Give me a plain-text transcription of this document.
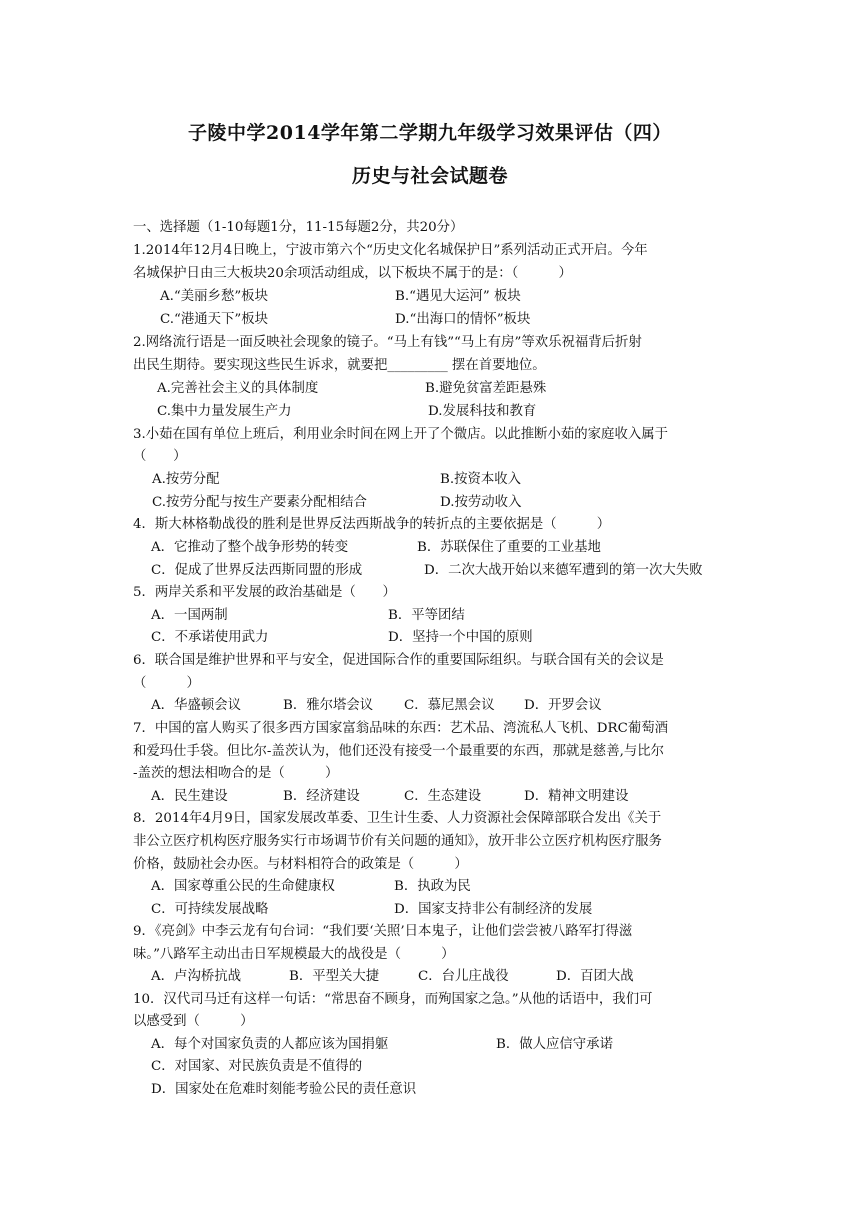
子陵中学2014学年第二学期九年级学习效果评估（四）
历史与社会试题卷
一、选择题（1-10每题1分，11-15每题2分，共20分）
1.2014年12月4日晚上，宁波市第六个“历史文化名城保护日”系列活动正式开启。今年
名城保护日由三大板块20余项活动组成，以下板块不属于的是：（　　　）
A.“美丽乡愁”板块	B.“遇见大运河” 板块
C.“港通天下”板块	D.“出海口的情怀”板块
2.网络流行语是一面反映社会现象的镜子。“马上有钱”“马上有房”等欢乐祝福背后折射
出民生期待。要实现这些民生诉求，就要把_________ 摆在首要地位。
A.完善社会主义的具体制度	B.避免贫富差距悬殊
C.集中力量发展生产力	D.发展科技和教育
3.小茹在国有单位上班后，利用业余时间在网上开了个微店。以此推断小茹的家庭收入属于
（　　）
A.按劳分配	B.按资本收入
C.按劳分配与按生产要素分配相结合	D.按劳动收入
4．斯大林格勒战役的胜利是世界反法西斯战争的转折点的主要依据是（　　　）
A．它推动了整个战争形势的转变	B．苏联保住了重要的工业基地
C．促成了世界反法西斯同盟的形成	D．二次大战开始以来德军遭到的第一次大失败
5．两岸关系和平发展的政治基础是（　　）
A．一国两制	B．平等团结
C．不承诺使用武力	D．坚持一个中国的原则
6．联合国是维护世界和平与安全，促进国际合作的重要国际组织。与联合国有关的会议是
（　　　）
A．华盛顿会议	B．雅尔塔会议 C．慕尼黑会议 D．开罗会议
7．中国的富人购买了很多西方国家富翁品味的东西：艺术品、湾流私人飞机、DRC葡萄酒
和爱玛仕手袋。但比尔-盖茨认为，他们还没有接受一个最重要的东西，那就是慈善,与比尔
-盖茨的想法相吻合的是（　　　）
A．民生建设	B．经济建设	C．生态建设	D．精神文明建设
8．2014年4月9日，国家发展改革委、卫生计生委、人力资源社会保障部联合发出《关于
非公立医疗机构医疗服务实行市场调节价有关问题的通知》，放开非公立医疗机构医疗服务
价格，鼓励社会办医。与材料相符合的政策是（　　　）
A．国家尊重公民的生命健康权	B．执政为民
C．可持续发展战略	D．国家支持非公有制经济的发展
9．《亮剑》中李云龙有句台词：“我们要‘关照’日本鬼子，让他们尝尝被八路军打得滋
味。”八路军主动出击日军规模最大的战役是（　　　）
A．卢沟桥抗战	B．平型关大捷	C．台儿庄战役	D．百团大战
10．汉代司马迁有这样一句话：“常思奋不顾身，而殉国家之急。”从他的话语中，我们可
以感受到（　　　）
A．每个对国家负责的人都应该为国捐躯	B．做人应信守承诺
C．对国家、对民族负责是不值得的
D．国家处在危难时刻能考验公民的责任意识
